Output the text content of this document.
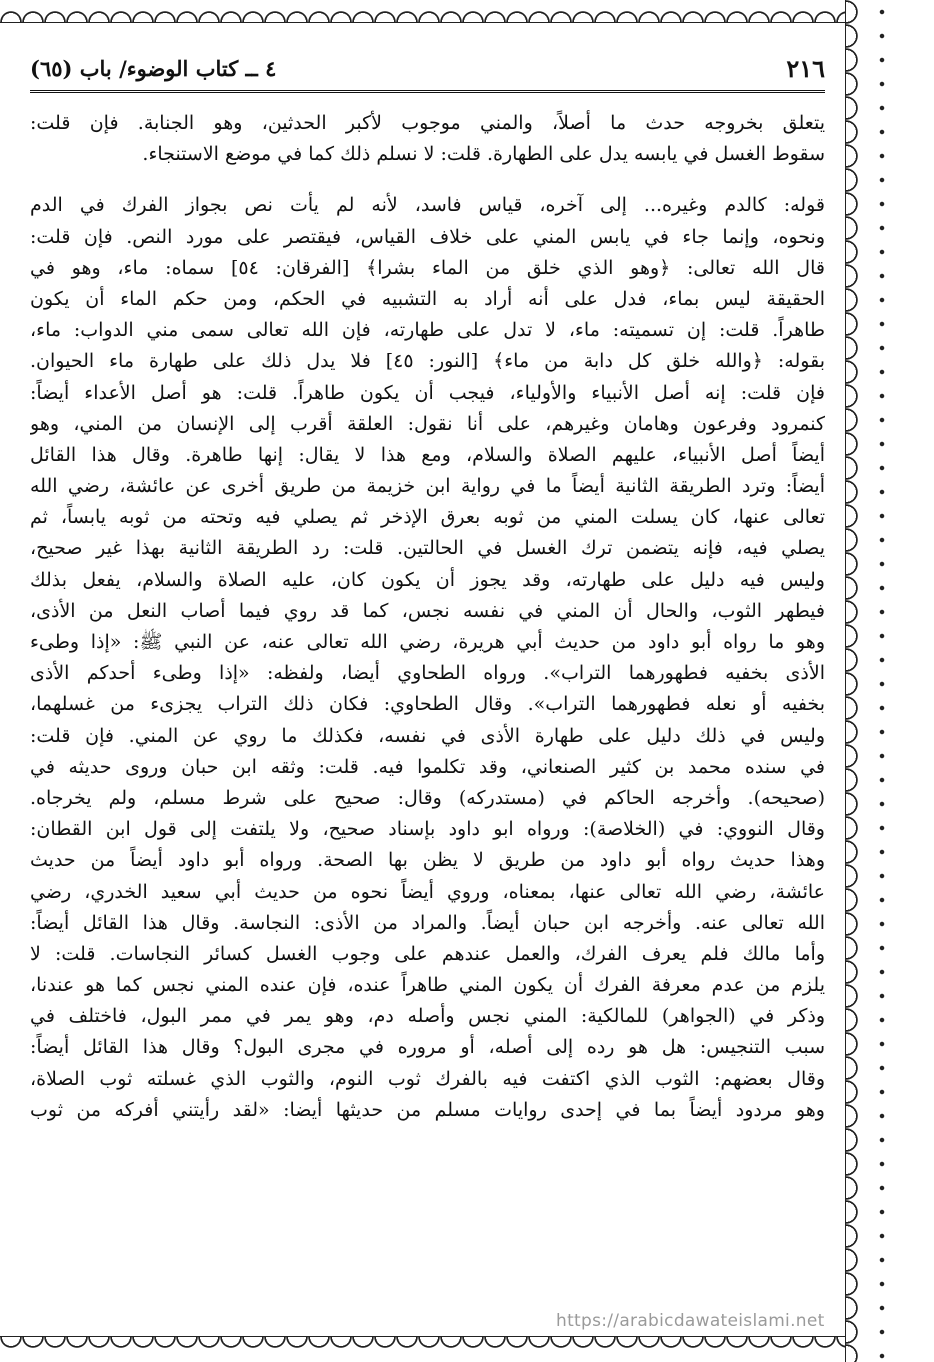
٢١٦
٤ ــ كتاب الوضوء/ باب (٦٥)
يتعلق بخروجه حدث ما أصلاً، والمني موجوب لأكبر الحدثين، وهو الجنابة. فإن قلت:
سقوط الغسل في يابسه يدل على الطهارة. قلت: لا نسلم ذلك كما في موضع الاستنجاء.
قوله: كالدم وغيره... إلى آخره، قياس فاسد، لأنه لم يأت نص بجواز الفرك في الدم
ونحوه، وإنما جاء في يابس المني على خلاف القياس، فيقتصر على مورد النص. فإن قلت:
قال الله تعالى: ﴿وهو الذي خلق من الماء بشرا﴾ [الفرقان: ٥٤] سماه: ماء، وهو في
الحقيقة ليس بماء، فدل على أنه أراد به التشبيه في الحكم، ومن حكم الماء أن يكون
طاهراً. قلت: إن تسميته: ماء، لا تدل على طهارته، فإن الله تعالى سمى مني الدواب: ماء،
بقوله: ﴿والله خلق كل دابة من ماء﴾ [النور: ٤٥] فلا يدل ذلك على طهارة ماء الحيوان.
فإن قلت: إنه أصل الأنبياء والأولياء، فيجب أن يكون طاهراً. قلت: هو أصل الأعداء أيضاً:
كنمرود وفرعون وهامان وغيرهم، على أنا نقول: العلقة أقرب إلى الإنسان من المني، وهو
أيضاً أصل الأنبياء، عليهم الصلاة والسلام، ومع هذا لا يقال: إنها طاهرة. وقال هذا القائل
أيضاً: وترد الطريقة الثانية أيضاً ما في رواية ابن خزيمة من طريق أخرى عن عائشة، رضي الله
تعالى عنها، كان يسلت المني من ثوبه بعرق الإذخر ثم يصلي فيه وتحته من ثوبه يابساً، ثم
يصلي فيه، فإنه يتضمن ترك الغسل في الحالتين. قلت: رد الطريقة الثانية بهذا غير صحيح،
وليس فيه دليل على طهارته، وقد يجوز أن يكون كان، عليه الصلاة والسلام، يفعل بذلك
فيطهر الثوب، والحال أن المني في نفسه نجس، كما قد روي فيما أصاب النعل من الأذى،
وهو ما رواه أبو داود من حديث أبي هريرة، رضي الله تعالى عنه، عن النبي ﷺ: «إذا وطىء
الأذى بخفيه فطهورهما التراب». ورواه الطحاوي أيضا، ولفظه: «إذا وطىء أحدكم الأذى
بخفيه أو نعله فطهورهما التراب». وقال الطحاوي: فكان ذلك التراب يجزىء من غسلهما،
وليس في ذلك دليل على طهارة الأذى في نفسه، فكذلك ما روي عن المني. فإن قلت:
في سنده محمد بن كثير الصنعاني، وقد تكلموا فيه. قلت: وثقه ابن حبان وروى حديثه في
(صحيحه). وأخرجه الحاكم في (مستدركه) وقال: صحيح على شرط مسلم، ولم يخرجاه.
وقال النووي: في (الخلاصة): ورواه ابو داود بإسناد صحيح، ولا يلتفت إلى قول ابن القطان:
وهذا حديث رواه أبو داود من طريق لا يظن بها الصحة. ورواه أبو داود أيضاً من حديث
عائشة، رضي الله تعالى عنها، بمعناه، وروي أيضاً نحوه من حديث أبي سعيد الخدري، رضي
الله تعالى عنه. وأخرجه ابن حبان أيضاً. والمراد من الأذى: النجاسة. وقال هذا القائل أيضاً:
وأما مالك فلم يعرف الفرك، والعمل عندهم على وجوب الغسل كسائر النجاسات. قلت: لا
يلزم من عدم معرفة الفرك أن يكون المني طاهراً عنده، فإن عنده المني نجس كما هو عندنا،
وذكر في (الجواهر) للمالكية: المني نجس وأصله دم، وهو يمر في ممر البول، فاختلف في
سبب التنجيس: هل هو رده إلى أصله، أو مروره في مجرى البول؟ وقال هذا القائل أيضاً:
وقال بعضهم: الثوب الذي اكتفت فيه بالفرك ثوب النوم، والثوب الذي غسلته ثوب الصلاة،
وهو مردود أيضاً بما في إحدى روايات مسلم من حديثها أيضا: «لقد رأيتني أفركه من ثوب
https://arabicdawateislami.net
